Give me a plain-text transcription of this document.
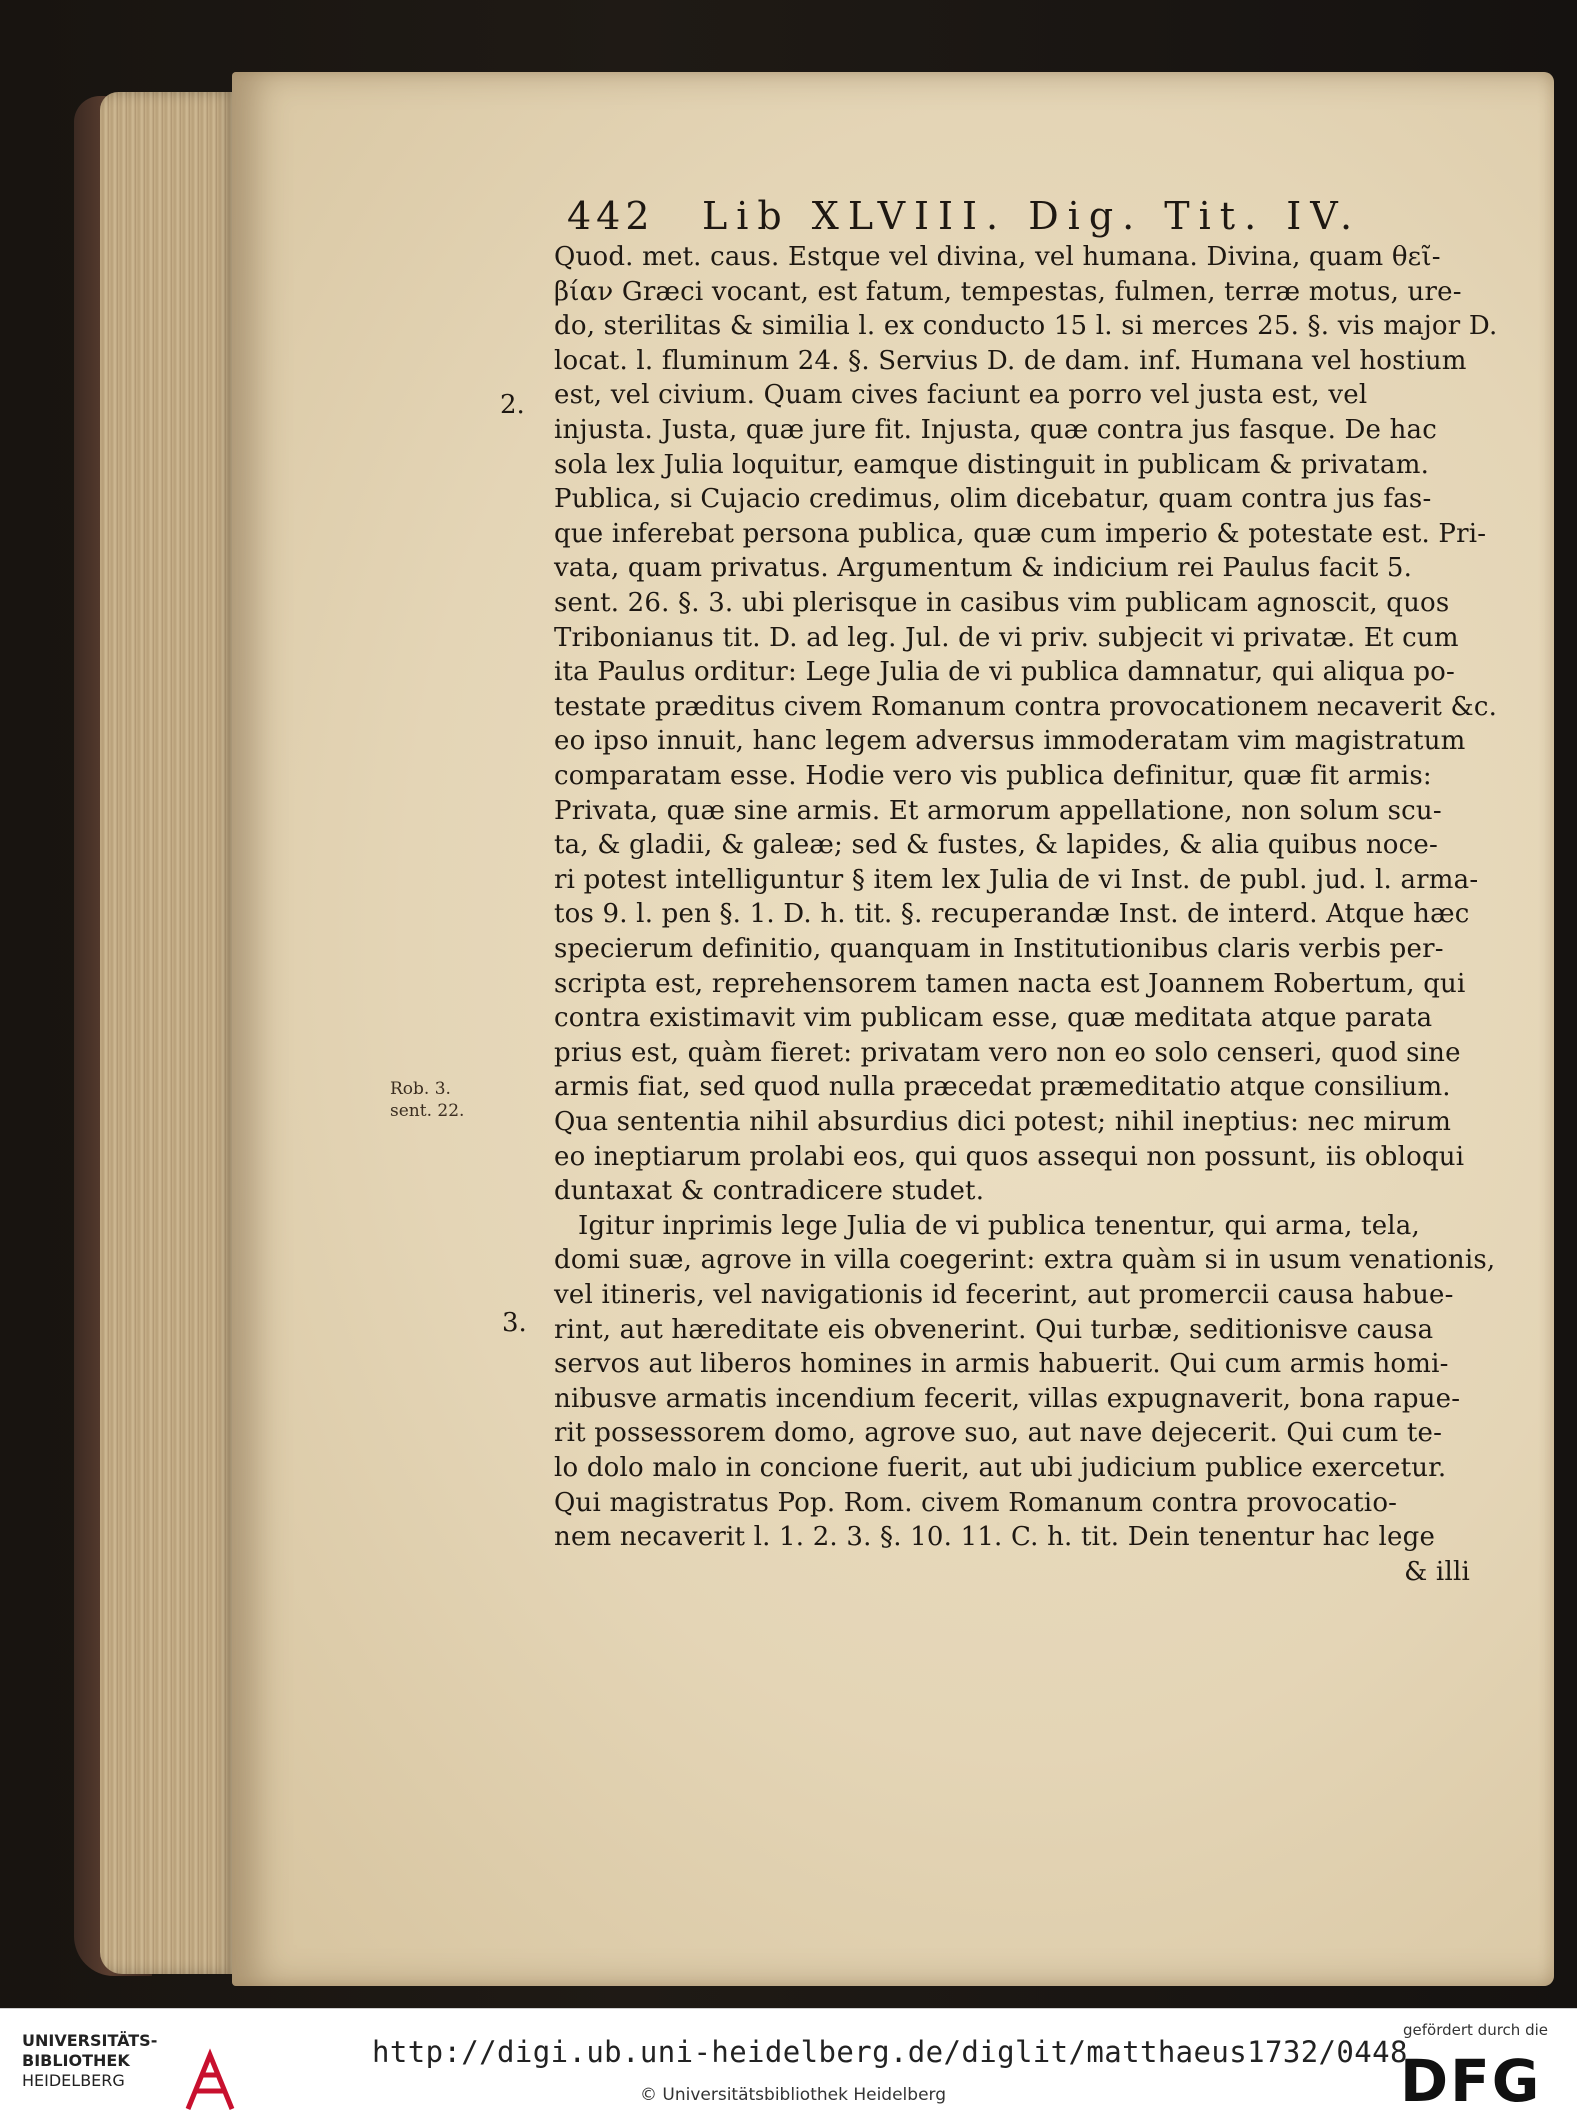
442 Lib XLVIII. Dig. Tit. IV.
Rob. 3.
sent. 22.
2.
3.
Quod. met. caus. Estque vel divina, vel humana. Divina, quam θεῖ-
βίαν Græci vocant, est fatum, tempestas, fulmen, terræ motus, ure-
do, sterilitas & similia l. ex conducto 15 l. si merces 25. §. vis major D.
locat. l. fluminum 24. §. Servius D. de dam. inf. Humana vel hostium
est, vel civium. Quam cives faciunt ea porro vel justa est, vel
injusta. Justa, quæ jure fit. Injusta, quæ contra jus fasque. De hac
sola lex Julia loquitur, eamque distinguit in publicam & privatam.
Publica, si Cujacio credimus, olim dicebatur, quam contra jus fas-
que inferebat persona publica, quæ cum imperio & potestate est. Pri-
vata, quam privatus. Argumentum & indicium rei Paulus facit 5.
sent. 26. §. 3. ubi plerisque in casibus vim publicam agnoscit, quos
Tribonianus tit. D. ad leg. Jul. de vi priv. subjecit vi privatæ. Et cum
ita Paulus orditur: Lege Julia de vi publica damnatur, qui aliqua po-
testate præditus civem Romanum contra provocationem necaverit &c.
eo ipso innuit, hanc legem adversus immoderatam vim magistratum
comparatam esse. Hodie vero vis publica definitur, quæ fit armis:
Privata, quæ sine armis. Et armorum appellatione, non solum scu-
ta, & gladii, & galeæ; sed & fustes, & lapides, & alia quibus noce-
ri potest intelliguntur § item lex Julia de vi Inst. de publ. jud. l. arma-
tos 9. l. pen §. 1. D. h. tit. §. recuperandæ Inst. de interd. Atque hæc
specierum definitio, quanquam in Institutionibus claris verbis per-
scripta est, reprehensorem tamen nacta est Joannem Robertum, qui
contra existimavit vim publicam esse, quæ meditata atque parata
prius est, quàm fieret: privatam vero non eo solo censeri, quod sine
armis fiat, sed quod nulla præcedat præmeditatio atque consilium.
Qua sententia nihil absurdius dici potest; nihil ineptius: nec mirum
eo ineptiarum prolabi eos, qui quos assequi non possunt, iis obloqui
duntaxat & contradicere studet.
Igitur inprimis lege Julia de vi publica tenentur, qui arma, tela,
domi suæ, agrove in villa coegerint: extra quàm si in usum venationis,
vel itineris, vel navigationis id fecerint, aut promercii causa habue-
rint, aut hæreditate eis obvenerint. Qui turbæ, seditionisve causa
servos aut liberos homines in armis habuerit. Qui cum armis homi-
nibusve armatis incendium fecerit, villas expugnaverit, bona rapue-
rit possessorem domo, agrove suo, aut nave dejecerit. Qui cum te-
lo dolo malo in concione fuerit, aut ubi judicium publice exercetur.
Qui magistratus Pop. Rom. civem Romanum contra provocatio-
nem necaverit l. 1. 2. 3. §. 10. 11. C. h. tit. Dein tenentur hac lege
& illi
UNIVERSITÄTS-
BIBLIOTHEK
HEIDELBERG
http://digi.ub.uni-heidelberg.de/diglit/matthaeus1732/0448
© Universitätsbibliothek Heidelberg
gefördert durch die
DFG
